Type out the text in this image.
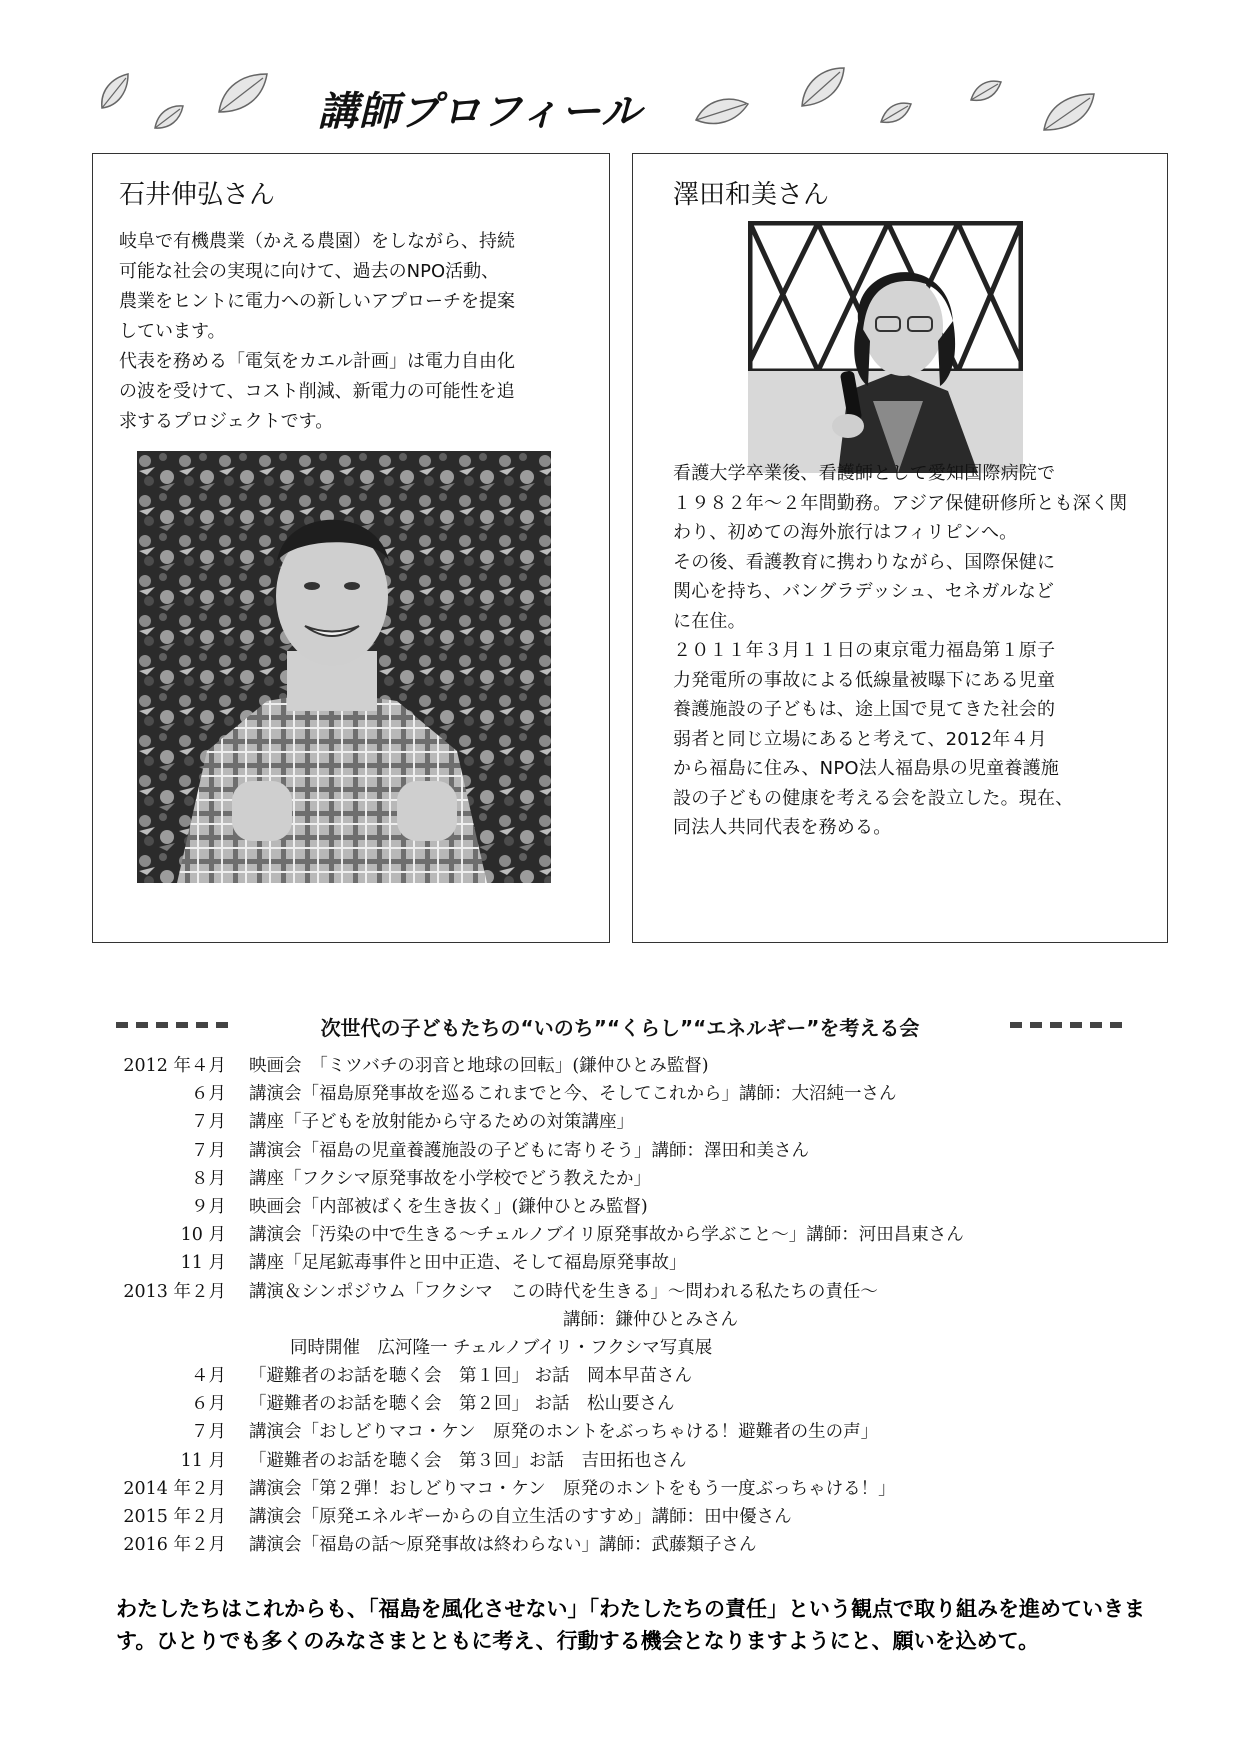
講師プロフィール
石井伸弘さん
岐阜で有機農業（かえる農園）をしながら、持続
可能な社会の実現に向けて、過去のNPO活動、
農業をヒントに電力への新しいアプローチを提案
しています。
代表を務める「電気をカエル計画」は電力自由化
の波を受けて、コスト削減、新電力の可能性を追
求するプロジェクトです。
澤田和美さん
看護大学卒業後、看護師として愛知国際病院で
１９８２年～２年間勤務。アジア保健研修所とも深く関わり、初めての海外旅行はフィリピンへ。
その後、看護教育に携わりながら、国際保健に
関心を持ち、バングラデッシュ、セネガルなど
に在住。
２０１１年３月１１日の東京電力福島第１原子
力発電所の事故による低線量被曝下にある児童
養護施設の子どもは、途上国で見てきた社会的
弱者と同じ立場にあると考えて、2012年４月
から福島に住み、NPO法人福島県の児童養護施
設の子どもの健康を考える会を設立した。現在、
同法人共同代表を務める。
次世代の子どもたちの“いのち”“くらし”“エネルギー”を考える会
2012 年４月 映画会　「ミツバチの羽音と地球の回転」(鎌仲ひとみ監督)
６月 講演会「福島原発事故を巡るこれまでと今、そしてこれから」講師：大沼純一さん
７月 講座「子どもを放射能から守るための対策講座」
７月 講演会「福島の児童養護施設の子どもに寄りそう」講師：澤田和美さん
８月 講座「フクシマ原発事故を小学校でどう教えたか」
９月 映画会「内部被ばくを生き抜く」(鎌仲ひとみ監督)
10 月 講演会「汚染の中で生きる～チェルノブイリ原発事故から学ぶこと～」講師：河田昌東さん
11 月 講座「足尾鉱毒事件と田中正造、そして福島原発事故」
2013 年２月 講演＆シンポジウム「フクシマ　この時代を生きる」～問われる私たちの責任～
講師：鎌仲ひとみさん
同時開催　広河隆一 チェルノブイリ・フクシマ写真展
４月 「避難者のお話を聴く会　第１回」 お話　岡本早苗さん
６月 「避難者のお話を聴く会　第２回」 お話　松山要さん
７月 講演会「おしどりマコ・ケン　原発のホントをぶっちゃける！避難者の生の声」
11 月 「避難者のお話を聴く会　第３回」お話　吉田拓也さん
2014 年２月 講演会「第２弾！おしどりマコ・ケン　原発のホントをもう一度ぶっちゃける！」
2015 年２月 講演会「原発エネルギーからの自立生活のすすめ」講師：田中優さん
2016 年２月 講演会「福島の話～原発事故は終わらない」講師：武藤類子さん
わたしたちはこれからも、「福島を風化させない」「わたしたちの責任」という観点で取り組みを進めていきます。ひとりでも多くのみなさまとともに考え、行動する機会となりますようにと、願いを込めて。
